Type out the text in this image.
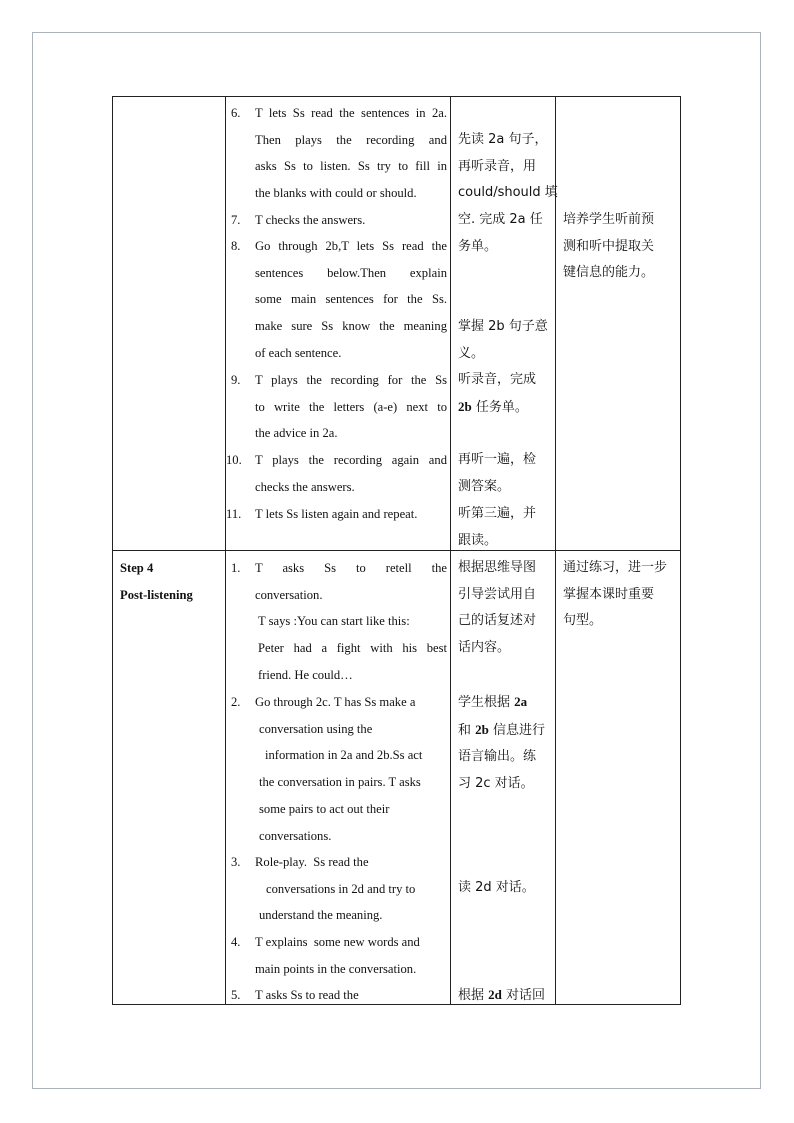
6. T lets Ss read the sentences in 2a.
Then plays the recording and
asks Ss to listen. Ss try to fill in
the blanks with could or should.
7. T checks the answers.
8. Go through 2b,T lets Ss read the
sentences below.Then explain
some main sentences for the Ss.
make sure Ss know the meaning
of each sentence.
9. T plays the recording for the Ss
to write the letters (a-e) next to
the advice in 2a.
10. T plays the recording again and
checks the answers.
11. T lets Ss listen again and repeat.
先读 2a 句子，
再听录音，用
could/should 填
空. 完成 2a 任
务单。
掌握 2b 句子意
义。
听录音，完成
2b 任务单。
再听一遍，检
测答案。
听第三遍，并
跟读。
培养学生听前预
测和听中提取关
键信息的能力。
Step 4
Post-listening
1. T asks Ss to retell the
conversation.
T says :You can start like this:
Peter had a fight with his best
friend. He could…
2. Go through 2c. T has Ss make a
conversation using the
information in 2a and 2b.Ss act
the conversation in pairs. T asks
some pairs to act out their
conversations.
3. Role-play.  Ss read the
conversations in 2d and try to
understand the meaning.
4. T explains  some new words and
main points in the conversation.
5. T asks Ss to read the
根据思维导图
引导尝试用自
己的话复述对
话内容。
学生根据 2a
和 2b 信息进行
语言输出。练
习 2c 对话。
读 2d 对话。
根据 2d 对话回
通过练习，进一步
掌握本课时重要
句型。
